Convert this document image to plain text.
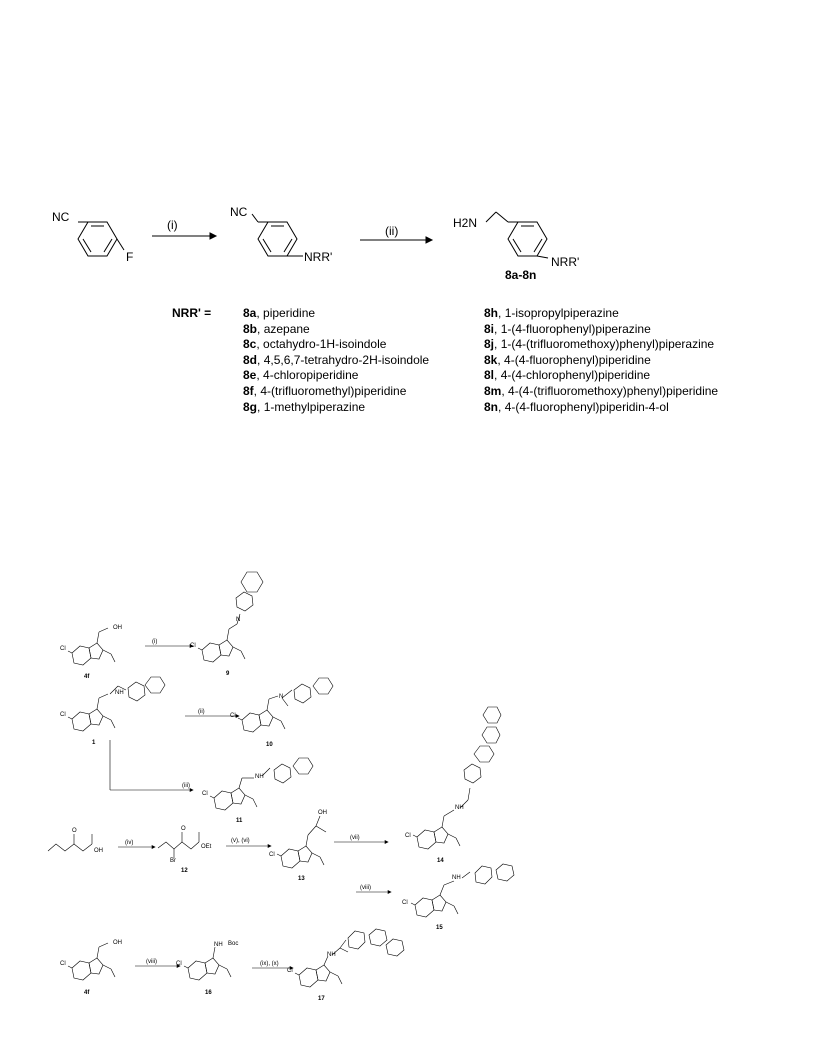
NC
F
(i)
NC
NRR'
(ii)
H2N
NRR'
8a-8n
NRR' =	8a, piperidine
8b, azepane
8c, octahydro-1H-isoindole
8d, 4,5,6,7-tetrahydro-2H-isoindole
8e, 4-chloropiperidine
8f, 4-(trifluoromethyl)piperidine
8g, 1-methylpiperazine
8h, 1-isopropylpiperazine
8i, 1-(4-fluorophenyl)piperazine
8j, 1-(4-(trifluoromethoxy)phenyl)piperazine
8k, 4-(4-fluorophenyl)piperidine
8l, 4-(4-chlorophenyl)piperidine
8m, 4-(4-(trifluoromethoxy)phenyl)piperidine
8n, 4-(4-fluorophenyl)piperidin-4-ol
Cl
OH
(i)
4f
Cl
N
9
Cl
NH
1
(ii)
Cl
N
10
(iii)
Cl
NH
11
O
OH
(iv)
O
Br
OEt
12
(v), (vi)
Cl
OH
13
(vii)	Cl
NH
14
(viii)
Cl
NH
15
Cl
OH
4f
(viii)	Cl
NH Boc
16
(ix), (x)
Cl
NH
17
